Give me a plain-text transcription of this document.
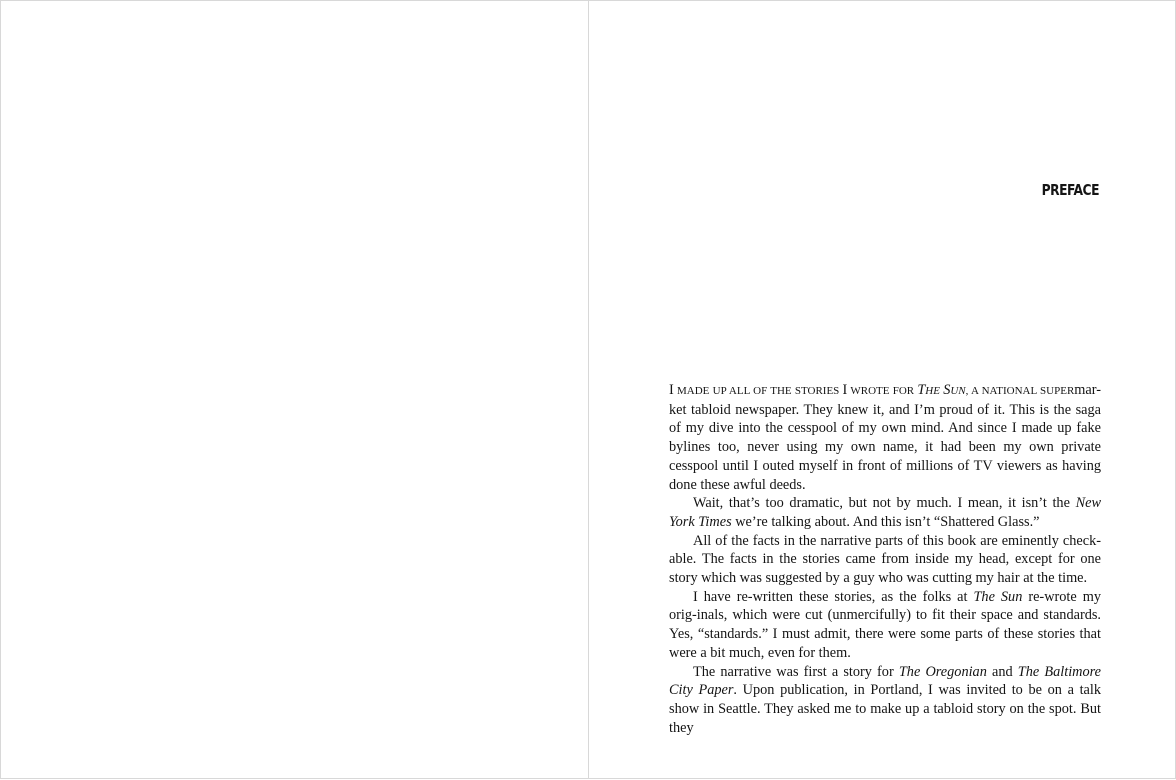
PREFACE

I MADE UP ALL OF THE STORIES I WROTE FOR THE SUN, A NATIONAL SUPERmar-ket tabloid newspaper. They knew it, and I’m proud of it. This is the saga of my dive into the cesspool of my own mind. And since I made up fake bylines too, never using my own name, it had been my own private cesspool until I outed myself in front of millions of TV viewers as having done these awful deeds.

Wait, that’s too dramatic, but not by much. I mean, it isn’t the New York Times we’re talking about. And this isn’t “Shattered Glass.”

All of the facts in the narrative parts of this book are eminently check-able. The facts in the stories came from inside my head, except for one story which was suggested by a guy who was cutting my hair at the time.

I have re-written these stories, as the folks at The Sun re-wrote my orig-inals, which were cut (unmercifully) to fit their space and standards. Yes, “standards.” I must admit, there were some parts of these stories that were a bit much, even for them.

The narrative was first a story for The Oregonian and The Baltimore City Paper. Upon publication, in Portland, I was invited to be on a talk show in Seattle. They asked me to make up a tabloid story on the spot. But they
